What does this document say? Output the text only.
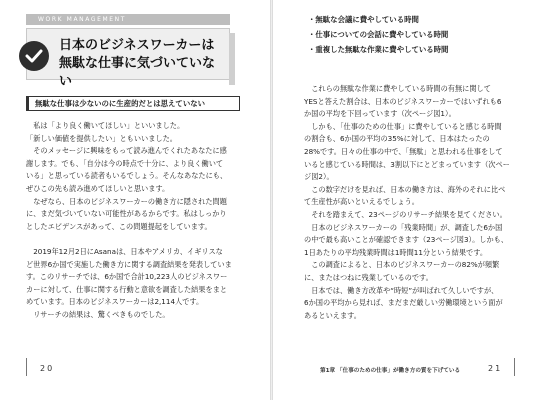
WORK MANAGEMENT
日本のビジネスワーカーは
無駄な仕事に気づいていない
無駄な仕事は少ないのに生産的だとは思えていない

　私は「より良く働いてほしい」といいました。

「新しい価値を提供したい」ともいいました。

　そのメッセージに興味をもって読み進んでくれたあなたに感

謝します。でも、「自分は今の時点で十分に、より良く働いて

いる」と思っている読者もいるでしょう。そんなあなたにも、

ぜひこの先も読み進めてほしいと思います。

　なぜなら、日本のビジネスワーカーの働き方に隠された問題

に、まだ気づいていない可能性があるからです。私はしっかり

としたエビデンスがあって、この問題提起をしています。

　2019年12月2日にAsanaは、日本やアメリカ、イギリスな

ど世界6か国で実施した働き方に関する調査結果を発表していま

す。このリサーチでは、6か国で合計10,223人のビジネスワー

カーに対して、仕事に関する行動と意欲を調査した結果をまと

めています。日本のビジネスワーカーは2,114人です。

　リサーチの結果は、驚くべきものでした。

20
・無駄な会議に費やしている時間
・仕事についての会話に費やしている時間
・重複した無駄な作業に費やしている時間

　これらの無駄な作業に費やしている時間の有無に関して

YESと答えた割合は、日本のビジネスワーカーではいずれも6

か国の平均を下回っています（次ページ図1）。

　しかも、「仕事のための仕事」に費やしていると感じる時間

の割合も、6か国の平均の35%に対して、日本はたったの

28%です。日々の仕事の中で、「無駄」と思われる仕事をして

いると感じている時間は、3割以下にとどまっています（次ペー

ジ図2）。

　この数字だけを見れば、日本の働き方は、海外のそれに比べ

て生産性が高いといえるでしょう。

　それを踏まえて、23ページのリサーチ結果を見てください。

　日本のビジネスワーカーの「残業時間」が、調査した6か国

の中で最も高いことが確認できます（23ページ図3）。しかも、

1日あたりの平均残業時間は1時間11分という結果です。

　この調査によると、日本のビジネスワーカーの82%が頻繁

に、またはつねに残業しているのです。

　日本では、働き方改革や“時短”が叫ばれて久しいですが、

6か国の平均から見れば、まだまだ厳しい労働環境という面が

あるといえます。

第1章 「仕事のための仕事」が働き方の質を下げている	21
